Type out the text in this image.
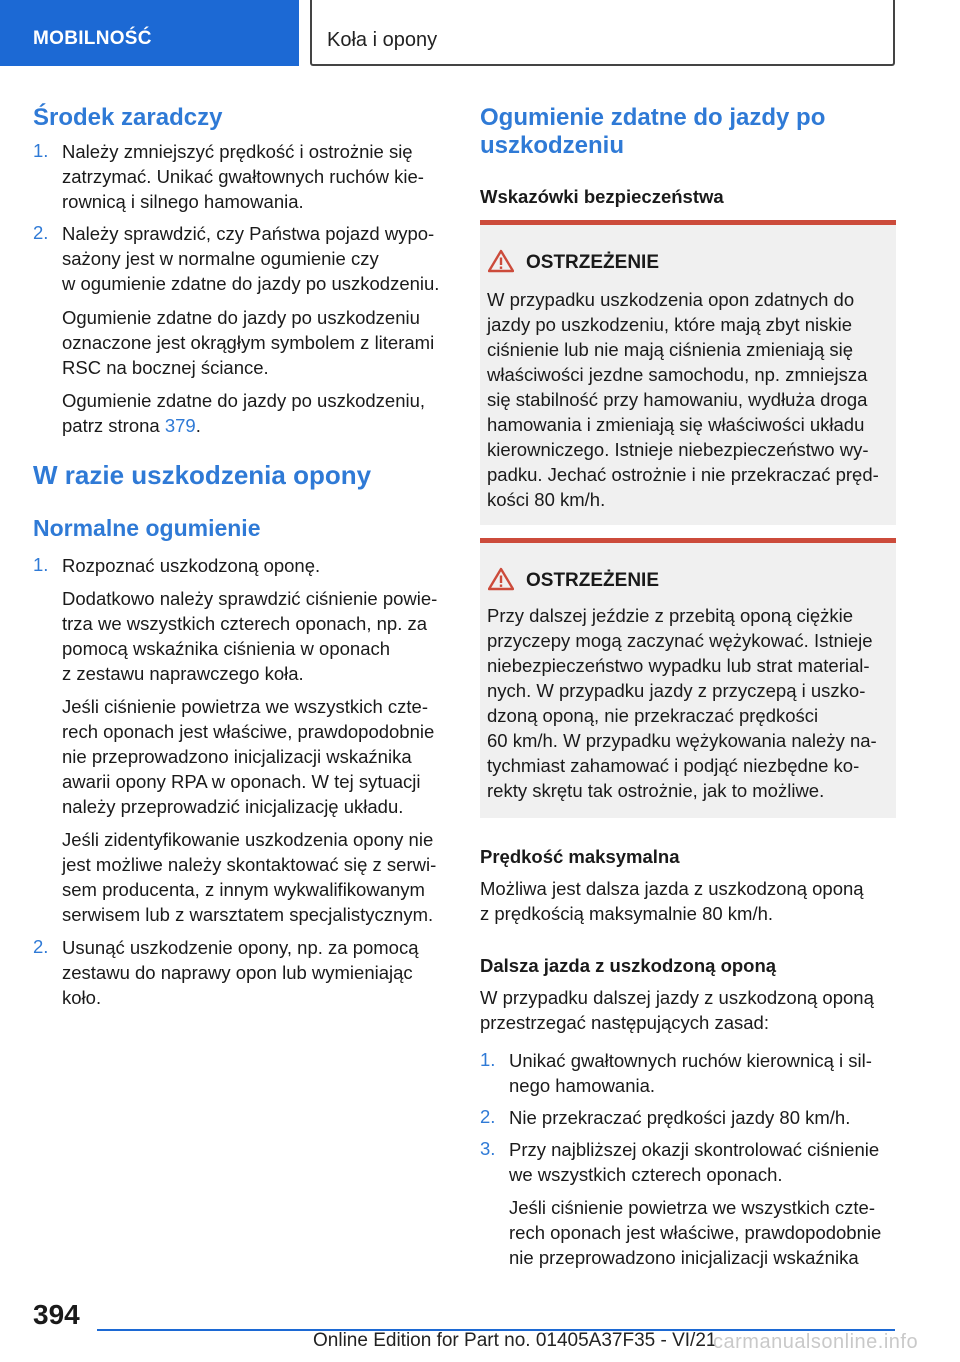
MOBILNOŚĆ	Koła i opony
Środek zaradczy
1. Należy zmniejszyć prędkość i ostrożnie się
zatrzymać. Unikać gwałtownych ruchów kie‐
rownicą i silnego hamowania.
2. Należy sprawdzić, czy Państwa pojazd wypo‐
sażony jest w normalne ogumienie czy
w ogumienie zdatne do jazdy po uszkodzeniu.
Ogumienie zdatne do jazdy po uszkodzeniu
oznaczone jest okrągłym symbolem z literami
RSC na bocznej ściance.
Ogumienie zdatne do jazdy po uszkodzeniu,
patrz strona 379.
W razie uszkodzenia opony
Normalne ogumienie
1. Rozpoznać uszkodzoną oponę.
Dodatkowo należy sprawdzić ciśnienie powie‐
trza we wszystkich czterech oponach, np. za
pomocą wskaźnika ciśnienia w oponach
z zestawu naprawczego koła.
Jeśli ciśnienie powietrza we wszystkich czte‐
rech oponach jest właściwe, prawdopodobnie
nie przeprowadzono inicjalizacji wskaźnika
awarii opony RPA w oponach. W tej sytuacji
należy przeprowadzić inicjalizację układu.
Jeśli zidentyfikowanie uszkodzenia opony nie
jest możliwe należy skontaktować się z serwi‐
sem producenta, z innym wykwalifikowanym
serwisem lub z warsztatem specjalistycznym.
2. Usunąć uszkodzenie opony, np. za pomocą
zestawu do naprawy opon lub wymieniając
koło.
Ogumienie zdatne do jazdy po
uszkodzeniu
Wskazówki bezpieczeństwa
OSTRZEŻENIE
W przypadku uszkodzenia opon zdatnych do
jazdy po uszkodzeniu, które mają zbyt niskie
ciśnienie lub nie mają ciśnienia zmieniają się
właściwości jezdne samochodu, np. zmniejsza
się stabilność przy hamowaniu, wydłuża droga
hamowania i zmieniają się właściwości układu
kierowniczego. Istnieje niebezpieczeństwo wy‐
padku. Jechać ostrożnie i nie przekraczać pręd‐
kości 80 km/h.
OSTRZEŻENIE
Przy dalszej jeździe z przebitą oponą ciężkie
przyczepy mogą zaczynać wężykować. Istnieje
niebezpieczeństwo wypadku lub strat material‐
nych. W przypadku jazdy z przyczepą i uszko‐
dzoną oponą, nie przekraczać prędkości
60 km/h. W przypadku wężykowania należy na‐
tychmiast zahamować i podjąć niezbędne ko‐
rekty skrętu tak ostrożnie, jak to możliwe.
Prędkość maksymalna
Możliwa jest dalsza jazda z uszkodzoną oponą
z prędkością maksymalnie 80 km/h.
Dalsza jazda z uszkodzoną oponą
W przypadku dalszej jazdy z uszkodzoną oponą
przestrzegać następujących zasad:
1. Unikać gwałtownych ruchów kierownicą i sil‐
nego hamowania.
2. Nie przekraczać prędkości jazdy 80 km/h.
3. Przy najbliższej okazji skontrolować ciśnienie
we wszystkich czterech oponach.
Jeśli ciśnienie powietrza we wszystkich czte‐
rech oponach jest właściwe, prawdopodobnie
nie przeprowadzono inicjalizacji wskaźnika
394
Online Edition for Part no. 01405A37F35 - VI/21
carmanualsonline.info
